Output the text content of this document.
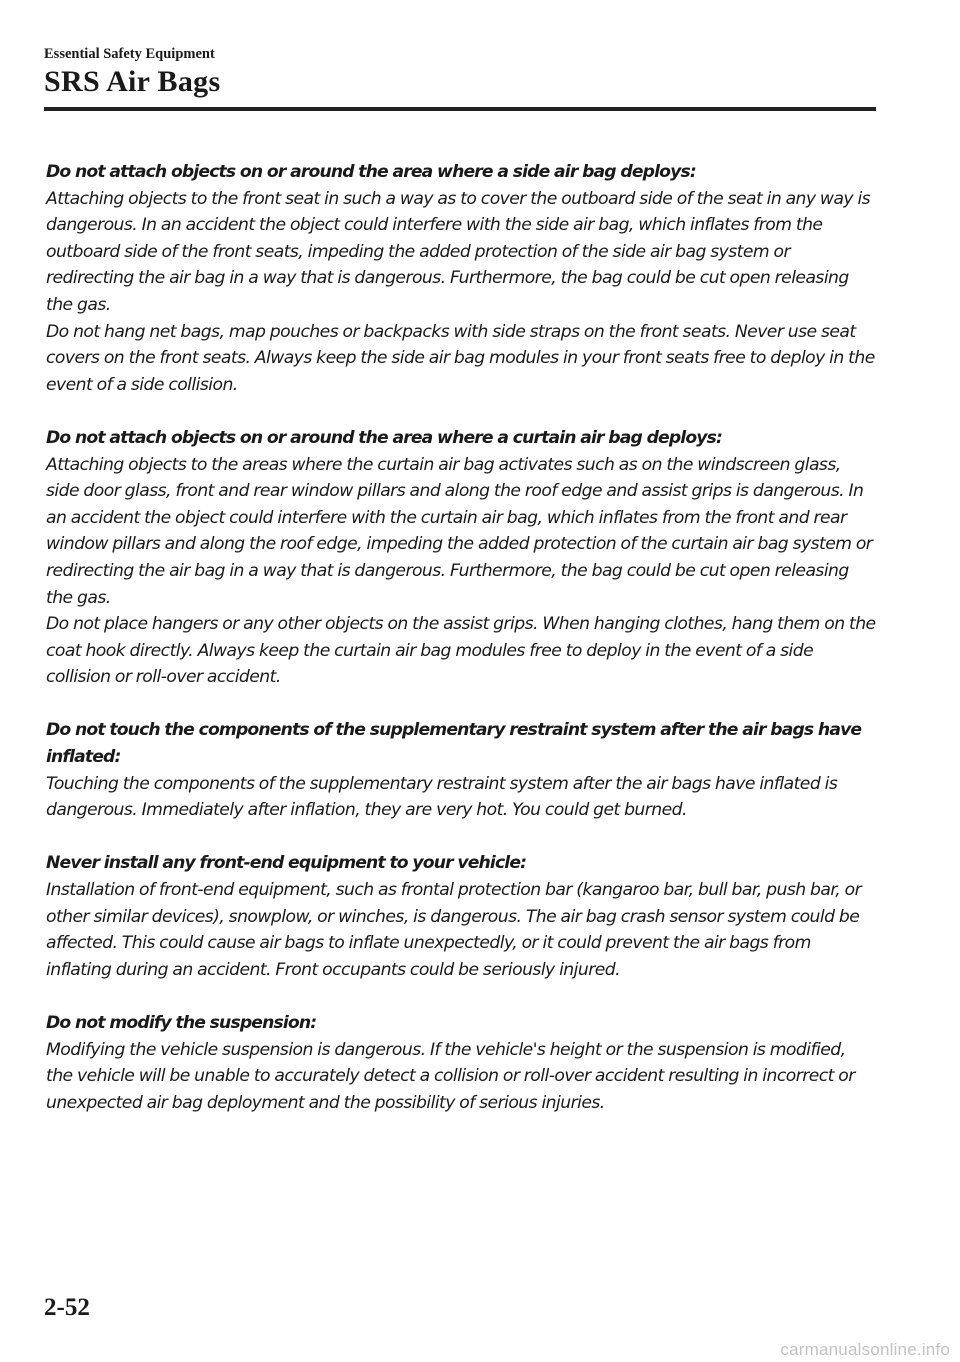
Essential Safety Equipment
SRS Air Bags

Do not attach objects on or around the area where a side air bag deploys:

Attaching objects to the front seat in such a way as to cover the outboard side of the seat in any way is dangerous. In an accident the object could interfere with the side air bag, which inflates from the outboard side of the front seats, impeding the added protection of the side air bag system or redirecting the air bag in a way that is dangerous. Furthermore, the bag could be cut open releasing the gas.

Do not hang net bags, map pouches or backpacks with side straps on the front seats. Never use seat covers on the front seats. Always keep the side air bag modules in your front seats free to deploy in the event of a side collision.

Do not attach objects on or around the area where a curtain air bag deploys:

Attaching objects to the areas where the curtain air bag activates such as on the windscreen glass, side door glass, front and rear window pillars and along the roof edge and assist grips is dangerous. In an accident the object could interfere with the curtain air bag, which inflates from the front and rear window pillars and along the roof edge, impeding the added protection of the curtain air bag system or redirecting the air bag in a way that is dangerous. Furthermore, the bag could be cut open releasing the gas.

Do not place hangers or any other objects on the assist grips. When hanging clothes, hang them on the coat hook directly. Always keep the curtain air bag modules free to deploy in the event of a side collision or roll-over accident.

Do not touch the components of the supplementary restraint system after the air bags have inflated:

Touching the components of the supplementary restraint system after the air bags have inflated is dangerous. Immediately after inflation, they are very hot. You could get burned.

Never install any front-end equipment to your vehicle:

Installation of front-end equipment, such as frontal protection bar (kangaroo bar, bull bar, push bar, or other similar devices), snowplow, or winches, is dangerous. The air bag crash sensor system could be affected. This could cause air bags to inflate unexpectedly, or it could prevent the air bags from inflating during an accident. Front occupants could be seriously injured.

Do not modify the suspension:

Modifying the vehicle suspension is dangerous. If the vehicle's height or the suspension is modified, the vehicle will be unable to accurately detect a collision or roll-over accident resulting in incorrect or unexpected air bag deployment and the possibility of serious injuries.

2-52
carmanualsonline.info
